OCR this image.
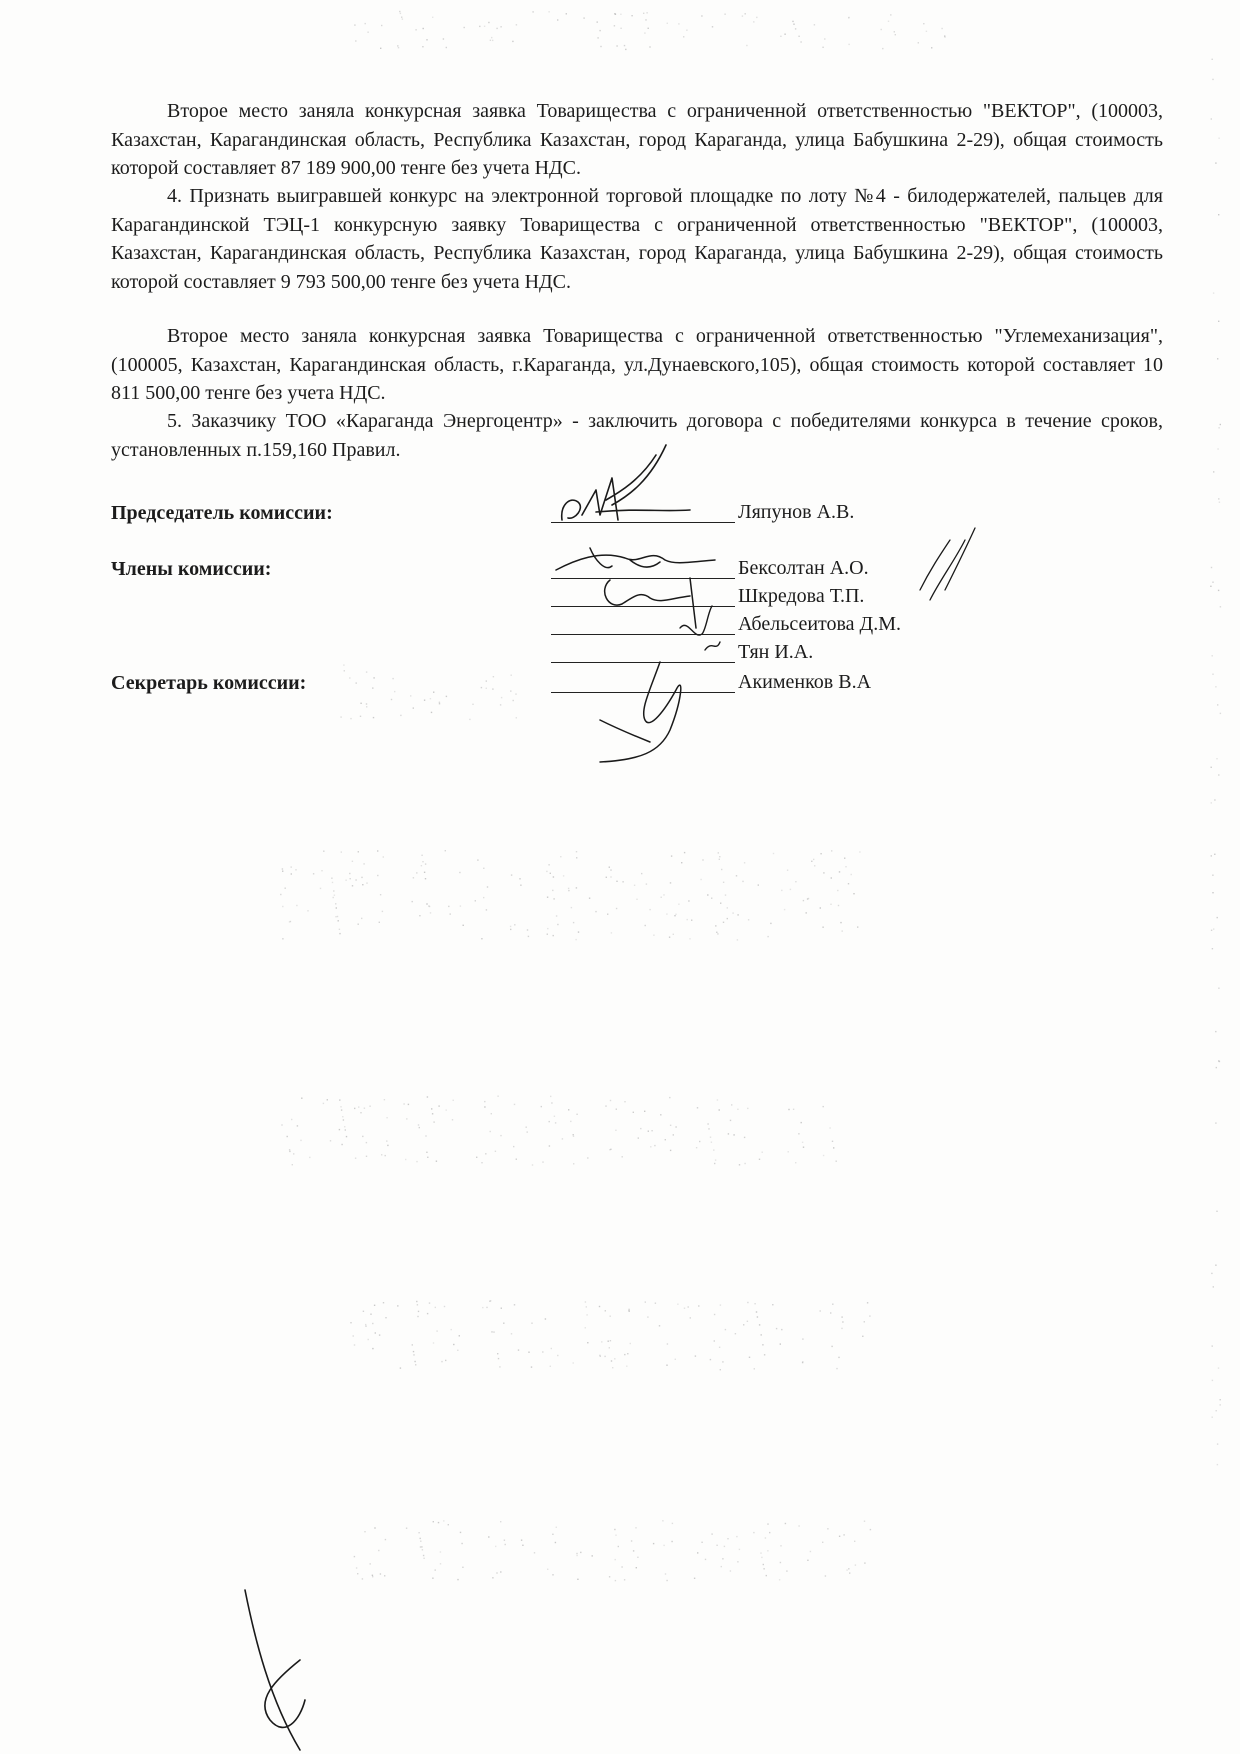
Второе место заняла конкурсная заявка Товарищества с ограниченной ответственностью "ВЕКТОР", (100003, Казахстан, Карагандинская область, Республика Казахстан, город Караганда, улица Бабушкина 2-29), общая стоимость которой составляет 87 189 900,00 тенге без учета НДС.

4. Признать выигравшей конкурс на электронной торговой площадке по лоту №4 - билодержателей, пальцев для Карагандинской ТЭЦ-1 конкурсную заявку Товарищества с ограниченной ответственностью "ВЕКТОР", (100003, Казахстан, Карагандинская область, Республика Казахстан, город Караганда, улица Бабушкина 2-29), общая стоимость которой составляет 9 793 500,00 тенге без учета НДС.

Второе место заняла конкурсная заявка Товарищества с ограниченной ответственностью "Углемеханизация", (100005, Казахстан, Карагандинская область, г.Караганда, ул.Дунаевского,105), общая стоимость которой составляет 10 811 500,00 тенге без учета НДС.

5. Заказчику ТОО «Караганда Энергоцентр» - заключить договора с победителями конкурса в течение сроков, установленных п.159,160 Правил.

Председатель комиссии:	Ляпунов А.В.

Члены комиссии:	Бексолтан А.О.

Шкредова Т.П.

Абельсеитова Д.М.

Тян И.А.

Секретарь комиссии:	Акименков В.А
